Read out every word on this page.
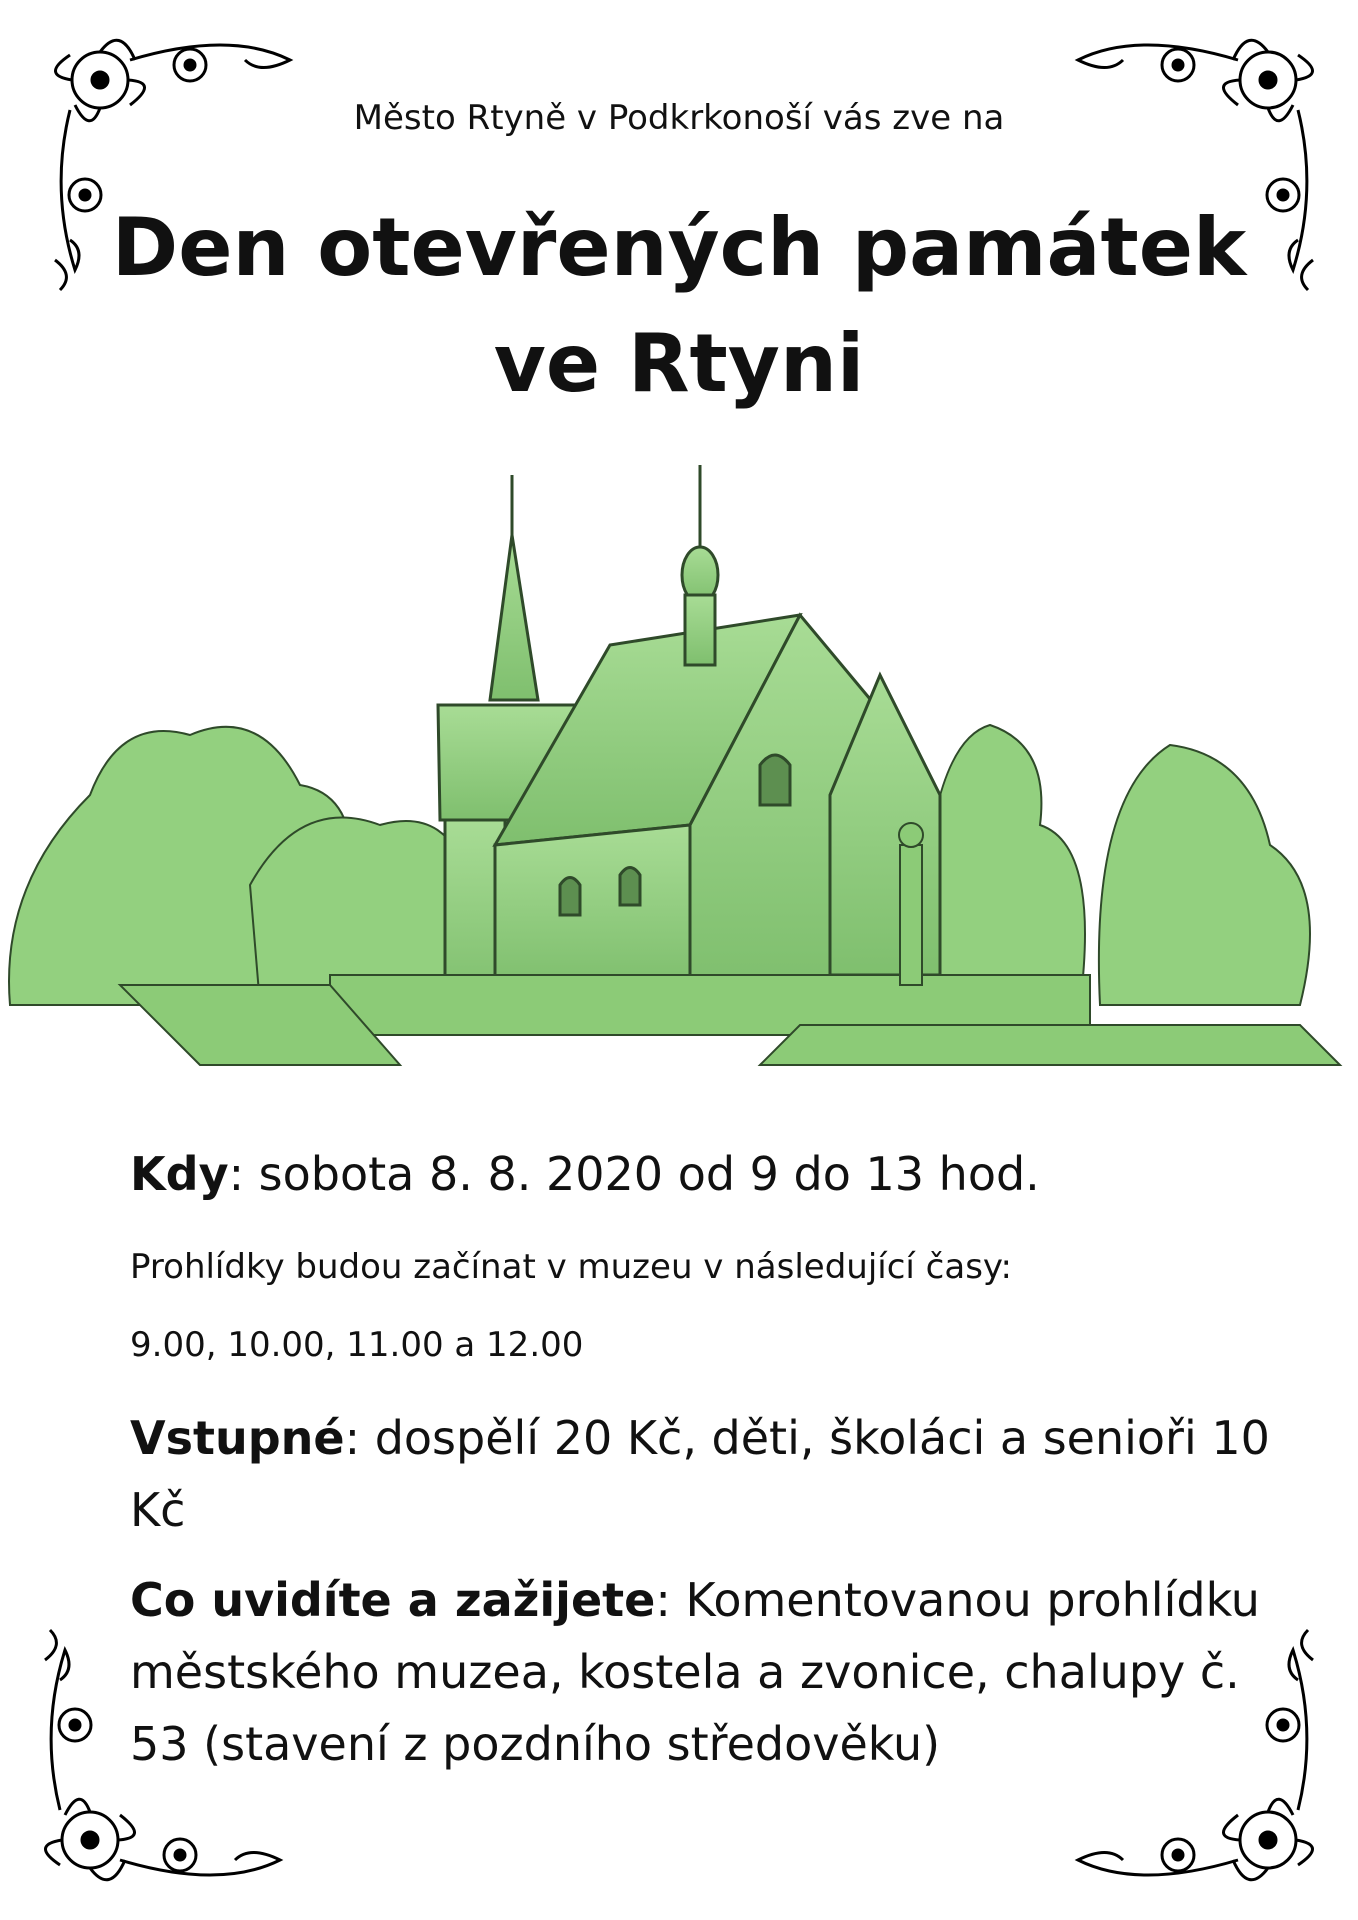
Město Rtyně v Podkrkonoší vás zve na
Den otevřených památek
ve Rtyni

Kdy: sobota 8. 8. 2020 od 9 do 13 hod.

Prohlídky budou začínat v muzeu v následující časy:

9.00, 10.00, 11.00 a 12.00

Vstupné: dospělí 20 Kč, děti, školáci a senioři 10 Kč

Co uvidíte a zažijete: Komentovanou prohlídku městského muzea, kostela a zvonice, chalupy č. 53 (stavení z pozdního středověku)
